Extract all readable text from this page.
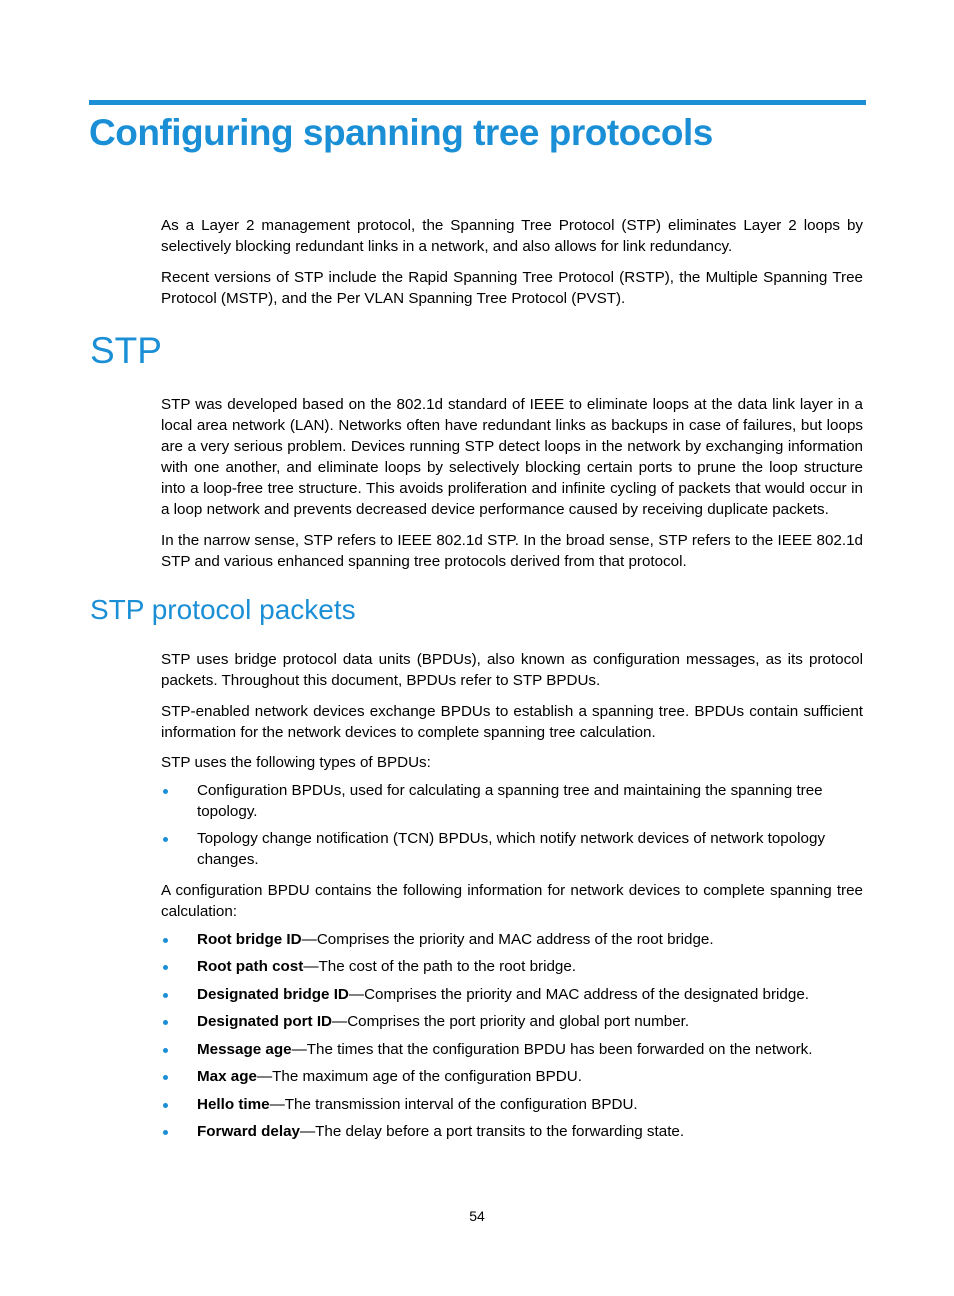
Configuring spanning tree protocols

As a Layer 2 management protocol, the Spanning Tree Protocol (STP) eliminates Layer 2 loops by selectively blocking redundant links in a network, and also allows for link redundancy.

Recent versions of STP include the Rapid Spanning Tree Protocol (RSTP), the Multiple Spanning Tree Protocol (MSTP), and the Per VLAN Spanning Tree Protocol (PVST).

STP

STP was developed based on the 802.1d standard of IEEE to eliminate loops at the data link layer in a local area network (LAN). Networks often have redundant links as backups in case of failures, but loops are a very serious problem. Devices running STP detect loops in the network by exchanging information with one another, and eliminate loops by selectively blocking certain ports to prune the loop structure into a loop-free tree structure. This avoids proliferation and infinite cycling of packets that would occur in a loop network and prevents decreased device performance caused by receiving duplicate packets.

In the narrow sense, STP refers to IEEE 802.1d STP. In the broad sense, STP refers to the IEEE 802.1d STP and various enhanced spanning tree protocols derived from that protocol.

STP protocol packets

STP uses bridge protocol data units (BPDUs), also known as configuration messages, as its protocol packets. Throughout this document, BPDUs refer to STP BPDUs.

STP-enabled network devices exchange BPDUs to establish a spanning tree. BPDUs contain sufficient information for the network devices to complete spanning tree calculation.

STP uses the following types of BPDUs:

Configuration BPDUs, used for calculating a spanning tree and maintaining the spanning tree topology.
Topology change notification (TCN) BPDUs, which notify network devices of network topology changes.

A configuration BPDU contains the following information for network devices to complete spanning tree calculation:

Root bridge ID—Comprises the priority and MAC address of the root bridge.
Root path cost—The cost of the path to the root bridge.
Designated bridge ID—Comprises the priority and MAC address of the designated bridge.
Designated port ID—Comprises the port priority and global port number.
Message age—The times that the configuration BPDU has been forwarded on the network.
Max age—The maximum age of the configuration BPDU.
Hello time—The transmission interval of the configuration BPDU.
Forward delay—The delay before a port transits to the forwarding state.
54
